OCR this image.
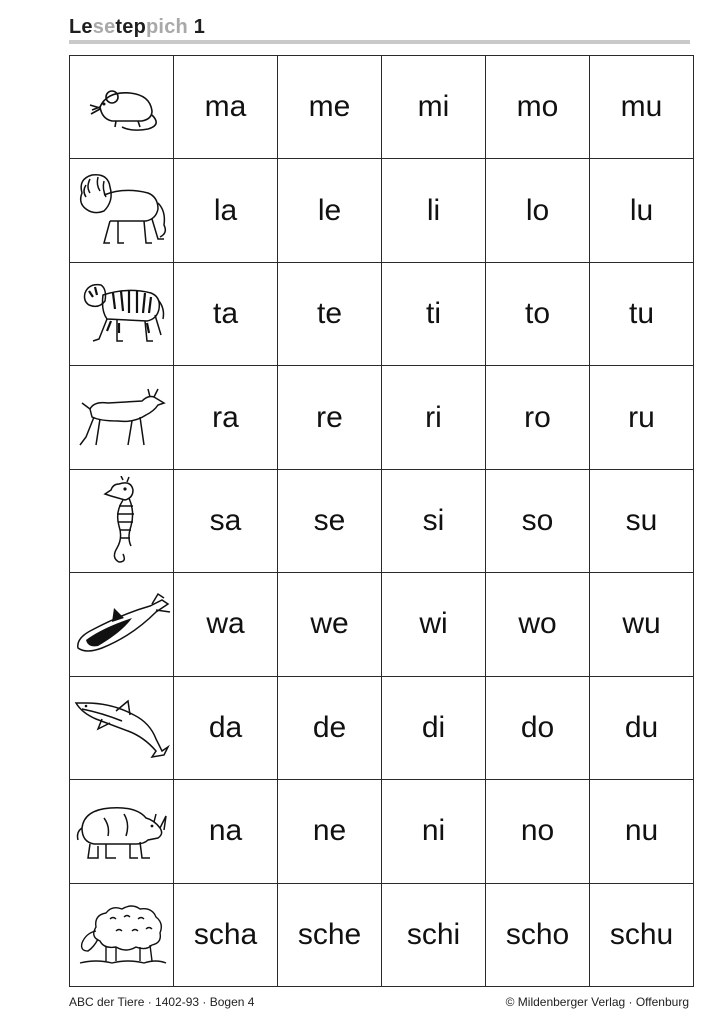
Leseteppich 1
	ma	me	mi	mo	mu

	la	le	li	lo	lu

	ta	te	ti	to	tu

	ra	re	ri	ro	ru

	sa	se	si	so	su

	wa	we	wi	wo	wu

	da	de	di	do	du

	na	ne	ni	no	nu

	scha	sche	schi	scho	schu
ABC der Tiere · 1402-93 · Bogen 4	© Mildenberger Verlag · Offenburg
